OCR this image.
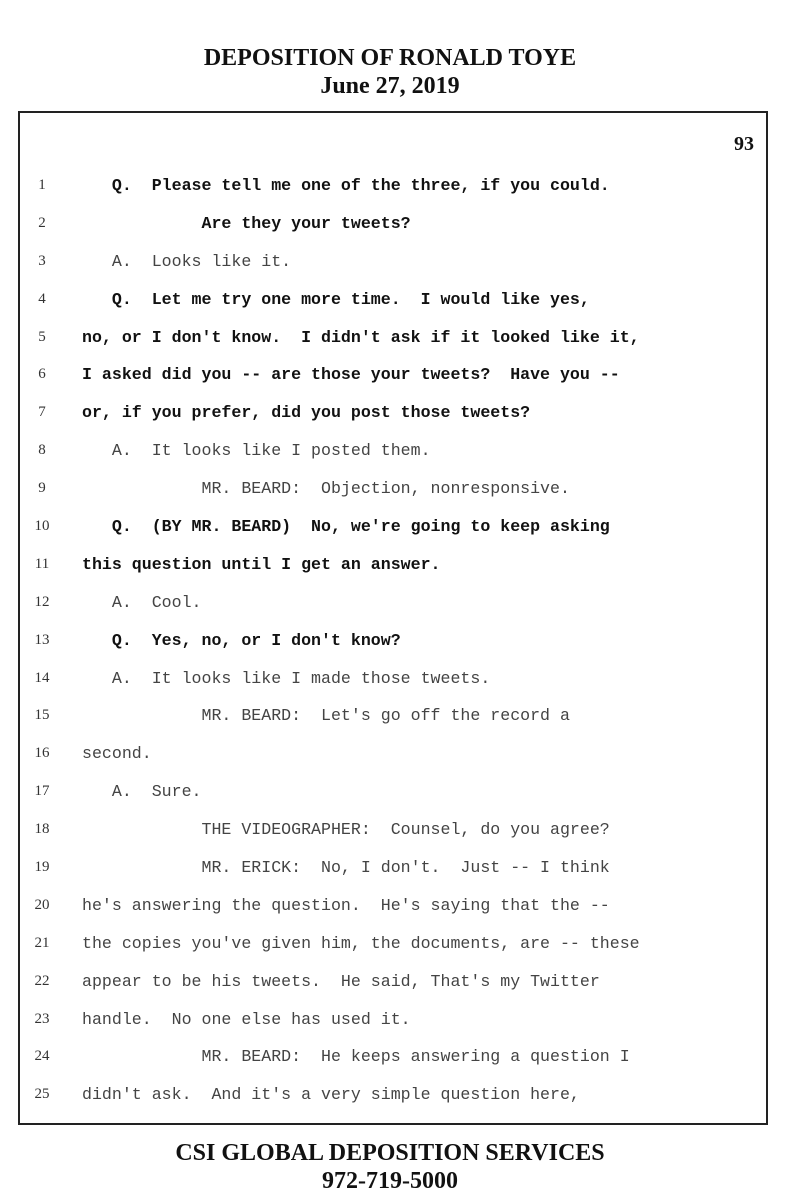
DEPOSITION OF RONALD TOYE
June 27, 2019
93
1	Q.  Please tell me one of the three, if you could.
2	Are they your tweets?
3	A.  Looks like it.
4	Q.  Let me try one more time.  I would like yes,
5	no, or I don't know.  I didn't ask if it looked like it,
6	I asked did you -- are those your tweets?  Have you --
7	or, if you prefer, did you post those tweets?
8	A.  It looks like I posted them.
9	MR. BEARD:  Objection, nonresponsive.
10	Q.  (BY MR. BEARD)  No, we're going to keep asking
11	this question until I get an answer.
12	A.  Cool.
13	Q.  Yes, no, or I don't know?
14	A.  It looks like I made those tweets.
15	MR. BEARD:  Let's go off the record a
16	second.
17	A.  Sure.
18	THE VIDEOGRAPHER:  Counsel, do you agree?
19	MR. ERICK:  No, I don't.  Just -- I think
20	he's answering the question.  He's saying that the --
21	the copies you've given him, the documents, are -- these
22	appear to be his tweets.  He said, That's my Twitter
23	handle.  No one else has used it.
24	MR. BEARD:  He keeps answering a question I
25	didn't ask.  And it's a very simple question here,
CSI GLOBAL DEPOSITION SERVICES
972-719-5000
